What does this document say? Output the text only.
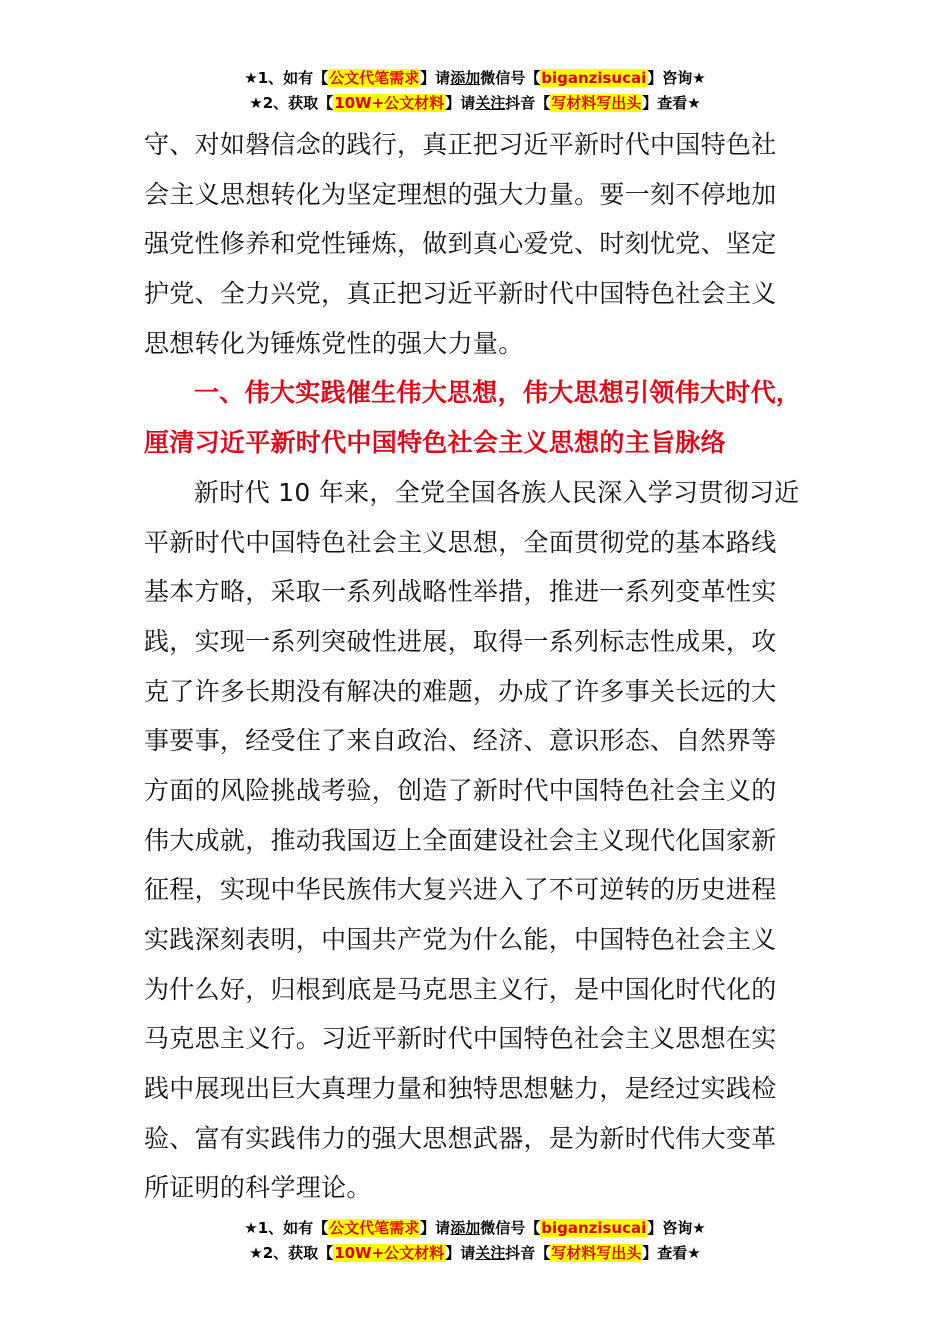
★1、如有【公文代笔需求】请添加微信号【biganzisucai】咨询★
★2、获取【10W+公文材料】请关注抖音【写材料写出头】查看★
守、对如磐信念的践行，真正把习近平新时代中国特色社
会主义思想转化为坚定理想的强大力量。要一刻不停地加
强党性修养和党性锤炼，做到真心爱党、时刻忧党、坚定
护党、全力兴党，真正把习近平新时代中国特色社会主义
思想转化为锤炼党性的强大力量。
一、伟大实践催生伟大思想，伟大思想引领伟大时代，
厘清习近平新时代中国特色社会主义思想的主旨脉络
新时代 10 年来，全党全国各族人民深入学习贯彻习近
平新时代中国特色社会主义思想，全面贯彻党的基本路线
基本方略，采取一系列战略性举措，推进一系列变革性实
践，实现一系列突破性进展，取得一系列标志性成果，攻
克了许多长期没有解决的难题，办成了许多事关长远的大
事要事，经受住了来自政治、经济、意识形态、自然界等
方面的风险挑战考验，创造了新时代中国特色社会主义的
伟大成就，推动我国迈上全面建设社会主义现代化国家新
征程，实现中华民族伟大复兴进入了不可逆转的历史进程
实践深刻表明，中国共产党为什么能，中国特色社会主义
为什么好，归根到底是马克思主义行，是中国化时代化的
马克思主义行。习近平新时代中国特色社会主义思想在实
践中展现出巨大真理力量和独特思想魅力，是经过实践检
验、富有实践伟力的强大思想武器，是为新时代伟大变革
所证明的科学理论。
★1、如有【公文代笔需求】请添加微信号【biganzisucai】咨询★
★2、获取【10W+公文材料】请关注抖音【写材料写出头】查看★
